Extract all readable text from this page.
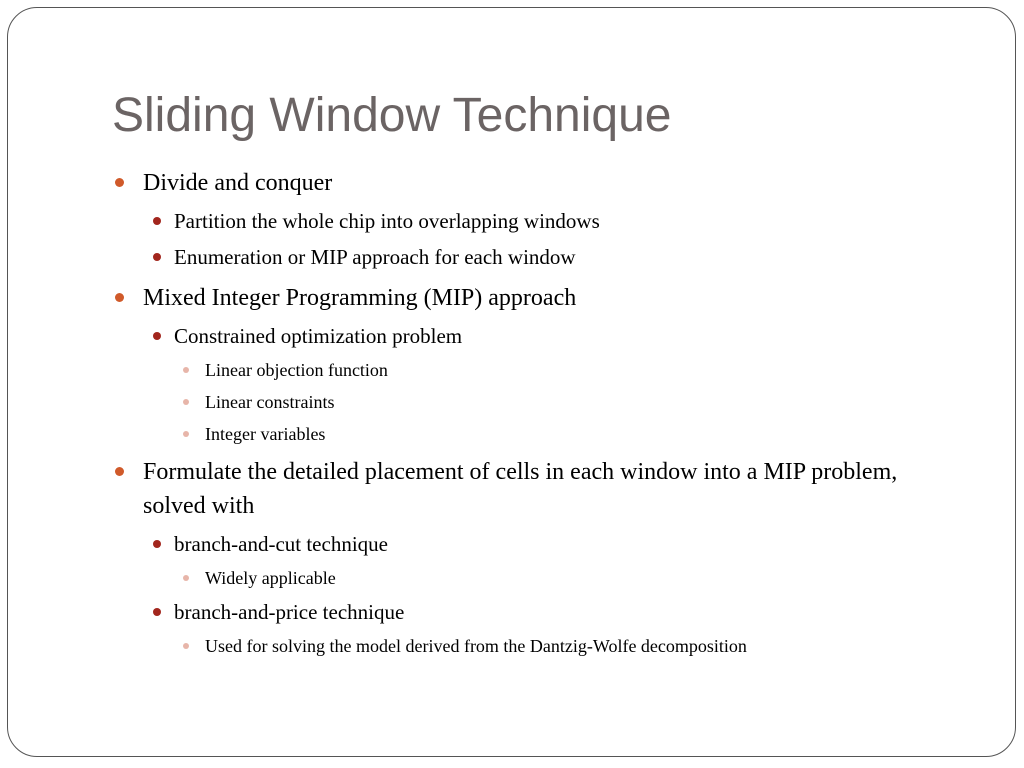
Sliding Window Technique
Divide and conquer
Partition the whole chip into overlapping windows
Enumeration or MIP approach for each window
Mixed Integer Programming (MIP) approach
Constrained optimization problem
Linear objection function
Linear constraints
Integer variables
Formulate the detailed placement of cells in each window into a MIP problem, solved with
branch-and-cut technique
Widely applicable
branch-and-price technique
Used for solving the model derived from the Dantzig-Wolfe decomposition
